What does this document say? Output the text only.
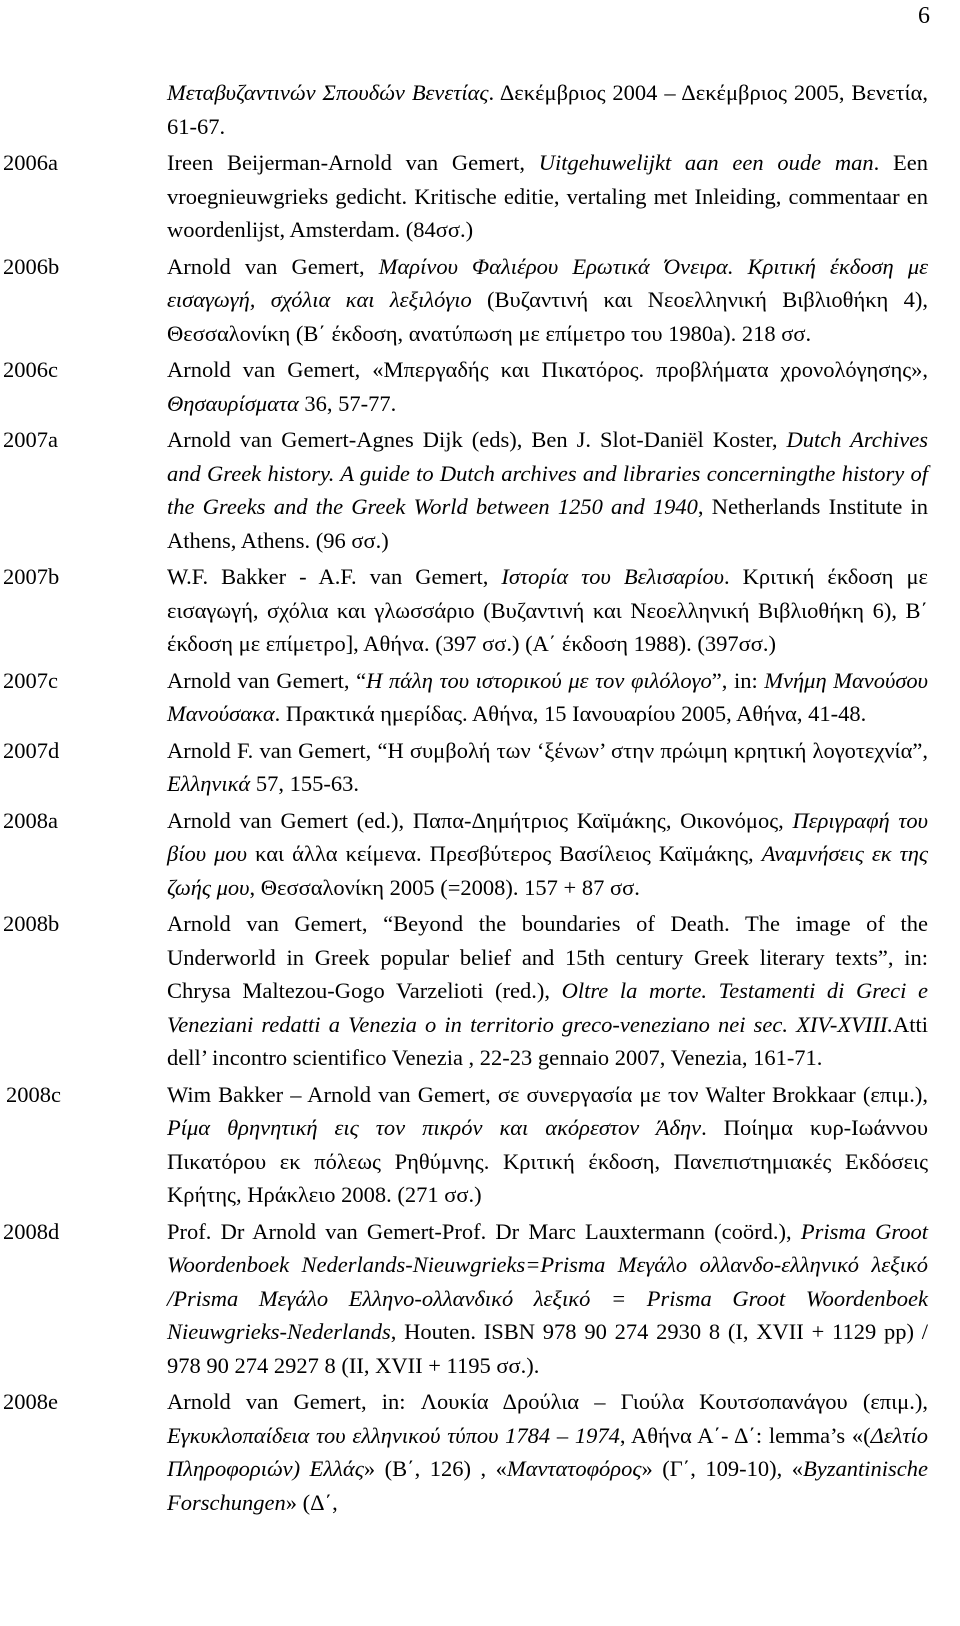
6
Μεταβυζαντινών Σπουδών Βενετίας. Δεκέμβριος 2004 – Δεκέμβριος 2005, Βενετία, 61-67.
2006a	Ireen Beijerman-Arnold van Gemert, Uitgehuwelijkt aan een oude man. Een vroegnieuwgrieks gedicht. Kritische editie, vertaling met Inleiding, commentaar en woordenlijst, Amsterdam. (84σσ.)
2006b	Arnold van Gemert, Μαρίνου Φαλιέρου Ερωτικά Όνειρα. Κριτική έκδοση με εισαγωγή, σχόλια και λεξιλόγιο (Βυζαντινή και Νεοελληνική Βιβλιοθήκη 4), Θεσσαλονίκη (Β΄ έκδοση, ανατύπωση με επίμετρο του 1980a). 218 σσ.
2006c	Arnold van Gemert, «Μπεργαδής και Πικατόρος. προβλήματα χρονολόγησης», Θησαυρίσματα 36, 57-77.
2007a	Arnold van Gemert-Agnes Dijk (eds), Ben J. Slot-Daniël Koster, Dutch Archives and Greek history. A guide to Dutch archives and libraries concerningthe history of the Greeks and the Greek World between 1250 and 1940, Netherlands Institute in Athens, Athens. (96 σσ.)
2007b	W.F. Bakker - A.F. van Gemert, Ιστορία του Βελισαρίου. Κριτική έκδοση με εισαγωγή, σχόλια και γλωσσάριο (Βυζαντινή και Νεοελληνική Βιβλιοθήκη 6), Β΄ έκδοση με επίμετρο], Αθήνα. (397 σσ.) (Α΄ έκδοση 1988). (397σσ.)
2007c	Arnold van Gemert, “Η πάλη του ιστορικού με τον φιλόλογο”, in: Μνήμη Μανούσου Μανούσακα. Πρακτικά ημερίδας. Αθήνα, 15 Ιανουαρίου 2005, Αθήνα, 41-48.
2007d	Arnold F. van Gemert, “Η συμβολή των ‘ξένων’ στην πρώιμη κρητική λογοτεχνία”, Ελληνικά 57, 155-63.
2008a	Arnold van Gemert (ed.), Παπα-Δημήτριος Καϊμάκης, Οικονόμος, Περιγραφή του βίου μου και άλλα κείμενα. Πρεσβύτερος Βασίλειος Καϊμάκης, Αναμνήσεις εκ της ζωής μου, Θεσσαλονίκη 2005 (=2008). 157 + 87 σσ.
2008b	Arnold van Gemert, “Beyond the boundaries of Death. The image of the Underworld in Greek popular belief and 15th century Greek literary texts”, in: Chrysa Maltezou-Gogo Varzelioti (red.), Oltre la morte. Testamenti di Greci e Veneziani redatti a Venezia o in territorio greco-veneziano nei sec. XIV-XVIII.Atti dell’ incontro scientifico Venezia , 22-23 gennaio 2007, Venezia, 161-71.
2008c	Wim Bakker – Arnold van Gemert, σε συνεργασία με τον Walter Brokkaar (επιμ.), Ρίμα θρηνητική εις τον πικρόν και ακόρεστον Άδην. Ποίημα κυρ-Ιωάννου Πικατόρου εκ πόλεως Ρηθύμνης. Κριτική έκδοση, Πανεπιστημιακές Εκδόσεις Κρήτης, Ηράκλειο 2008. (271 σσ.)
2008d	Prof. Dr Arnold van Gemert-Prof. Dr Marc Lauxtermann (coörd.), Prisma Groot Woordenboek Nederlands-Nieuwgrieks=Prisma Μεγάλο ολλανδο-ελληνικό λεξικό /Prisma Μεγάλο Ελληνο-ολλανδικό λεξικό = Prisma Groot Woordenboek Nieuwgrieks-Nederlands, Houten. ISBN 978 90 274 2930 8 (I, XVII + 1129 pp) / 978 90 274 2927 8 (II, XVII + 1195 σσ.).
2008e	Arnold van Gemert, in: Λουκία Δρούλια – Γιούλα Κουτσοπανάγου (επιμ.), Εγκυκλοπαίδεια του ελληνικού τύπου 1784 – 1974, Αθήνα Α΄- Δ΄: lemma’s «(Δελτίο Πληροφοριών) Ελλάς» (Β΄, 126) , «Μαντατοφόρος» (Γ΄, 109-10), «Byzantinische Forschungen» (Δ΄,
